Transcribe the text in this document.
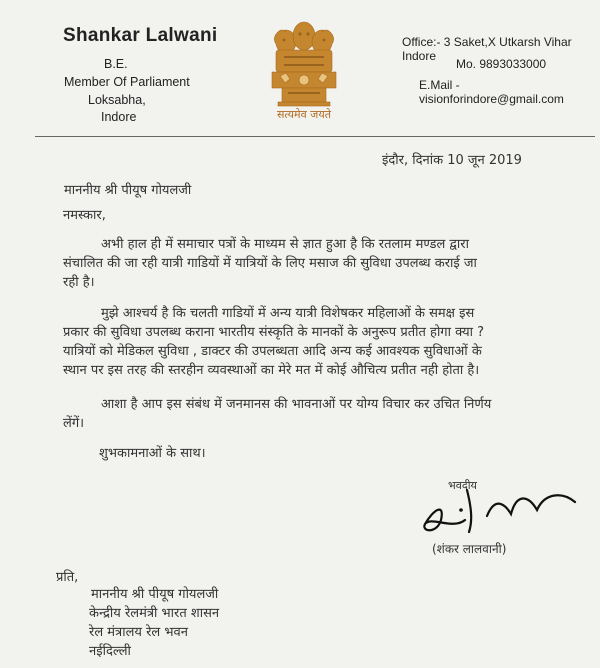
Shankar Lalwani
B.E.
Member Of Parliament
Loksabha,
Indore	सत्यमेव जयते
Office:- 3 Saket,X Utkarsh Vihar Indore
Mo. 9893033000
E.Mail -visionforindore@gmail.com
इंदौर, दिनांक 10 जून 2019
माननीय श्री पीयूष गोयलजी
नमस्कार,
अभी हाल ही में समाचार पत्रों के माध्यम से ज्ञात हुआ है कि रतलाम मण्डल द्वारा
संचालित की जा रही यात्री गाडियों में यात्रियों के लिए मसाज की सुविधा उपलब्ध कराई जा
रही है।
मुझे आश्चर्य है कि चलती गाडियों में अन्य यात्री विशेषकर महिलाओं के समक्ष इस
प्रकार की सुविधा उपलब्ध कराना भारतीय संस्कृति के मानकों के अनुरूप प्रतीत होगा क्या ?
यात्रियों को मेडिकल सुविधा , डाक्टर की उपलब्धता आदि अन्य कई आवश्यक सुविधाओं के
स्थान पर इस तरह की स्तरहीन व्यवस्थाओं का मेरे मत में कोई औचित्य प्रतीत नही होता है।
आशा है आप इस संबंध में जनमानस की भावनाओं पर योग्य विचार कर उचित निर्णय
लेंगें।
शुभकामनाओं के साथ।
भवदीय
(शंकर लालवानी)
प्रति,
माननीय श्री पीयूष गोयलजी
केन्द्रीय रेलमंत्री भारत शासन
रेल मंत्रालय रेल भवन
नईदिल्ली
